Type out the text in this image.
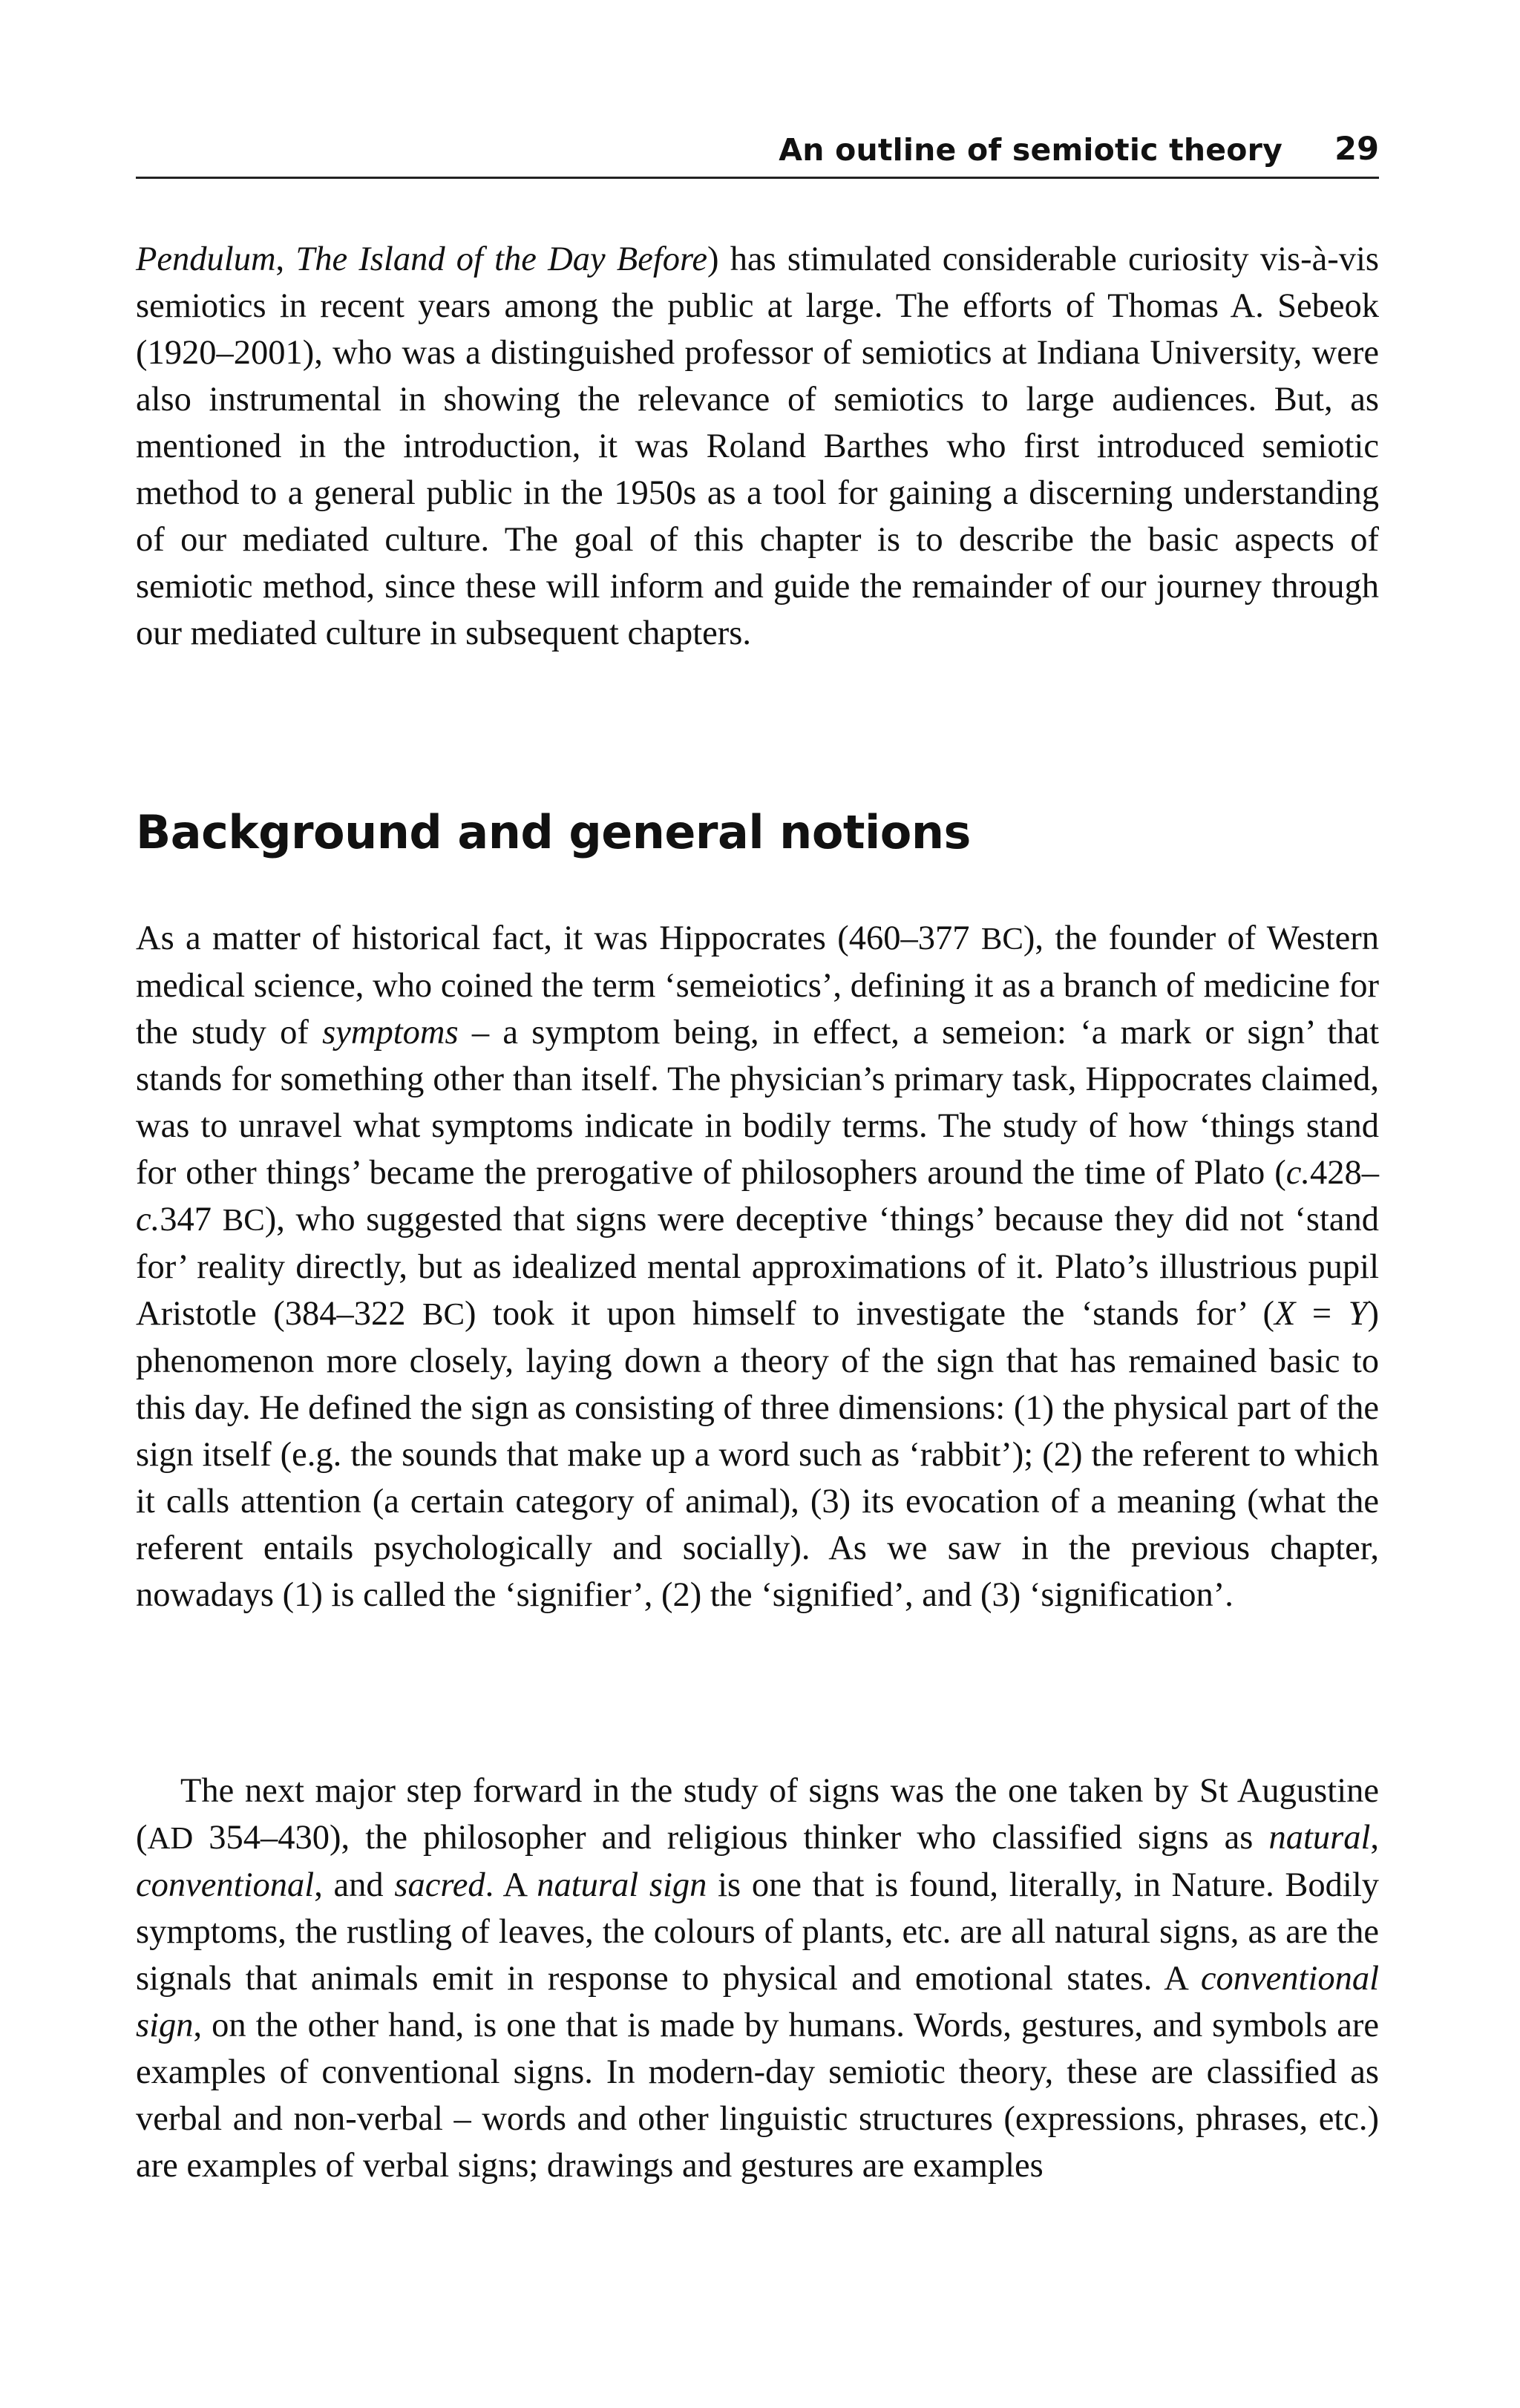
An outline of semiotic theory 29

Pendulum, The Island of the Day Before) has stimulated considerable curiosity vis-à-vis semiotics in recent years among the public at large. The efforts of Thomas A. Sebeok (1920–2001), who was a distinguished professor of semiotics at Indiana University, were also instrumental in showing the relevance of semiotics to large audiences. But, as mentioned in the introduction, it was Roland Barthes who first introduced semiotic method to a general public in the 1950s as a tool for gaining a discerning understanding of our mediated culture. The goal of this chapter is to describe the basic aspects of semiotic method, since these will inform and guide the remainder of our journey through our mediated culture in subsequent chapters.

Background and general notions

As a matter of historical fact, it was Hippocrates (460–377 BC), the founder of Western medical science, who coined the term ‘semeiotics’, defining it as a branch of medicine for the study of symptoms – a symptom being, in effect, a semeion: ‘a mark or sign’ that stands for something other than itself. The physician’s primary task, Hippocrates claimed, was to unravel what symptoms indicate in bodily terms. The study of how ‘things stand for other things’ became the prerogative of philosophers around the time of Plato (c.428–c.347 BC), who suggested that signs were deceptive ‘things’ because they did not ‘stand for’ reality directly, but as idealized mental approximations of it. Plato’s illustrious pupil Aristotle (384–322 BC) took it upon himself to investigate the ‘stands for’ (X = Y) phenomenon more closely, laying down a theory of the sign that has remained basic to this day. He defined the sign as consisting of three dimensions: (1) the physical part of the sign itself (e.g. the sounds that make up a word such as ‘rabbit’); (2) the referent to which it calls attention (a certain category of animal), (3) its evocation of a meaning (what the referent entails psychologically and socially). As we saw in the previous chapter, nowadays (1) is called the ‘signifier’, (2) the ‘signified’, and (3) ‘signification’.

The next major step forward in the study of signs was the one taken by St Augustine (AD 354–430), the philosopher and religious thinker who classified signs as natural, conventional, and sacred. A natural sign is one that is found, literally, in Nature. Bodily symptoms, the rustling of leaves, the colours of plants, etc. are all natural signs, as are the signals that animals emit in response to physical and emotional states. A conventional sign, on the other hand, is one that is made by humans. Words, gestures, and symbols are examples of conventional signs. In modern-day semiotic theory, these are classified as verbal and non-verbal – words and other linguistic structures (expressions, phrases, etc.) are examples of verbal signs; drawings and gestures are examples
